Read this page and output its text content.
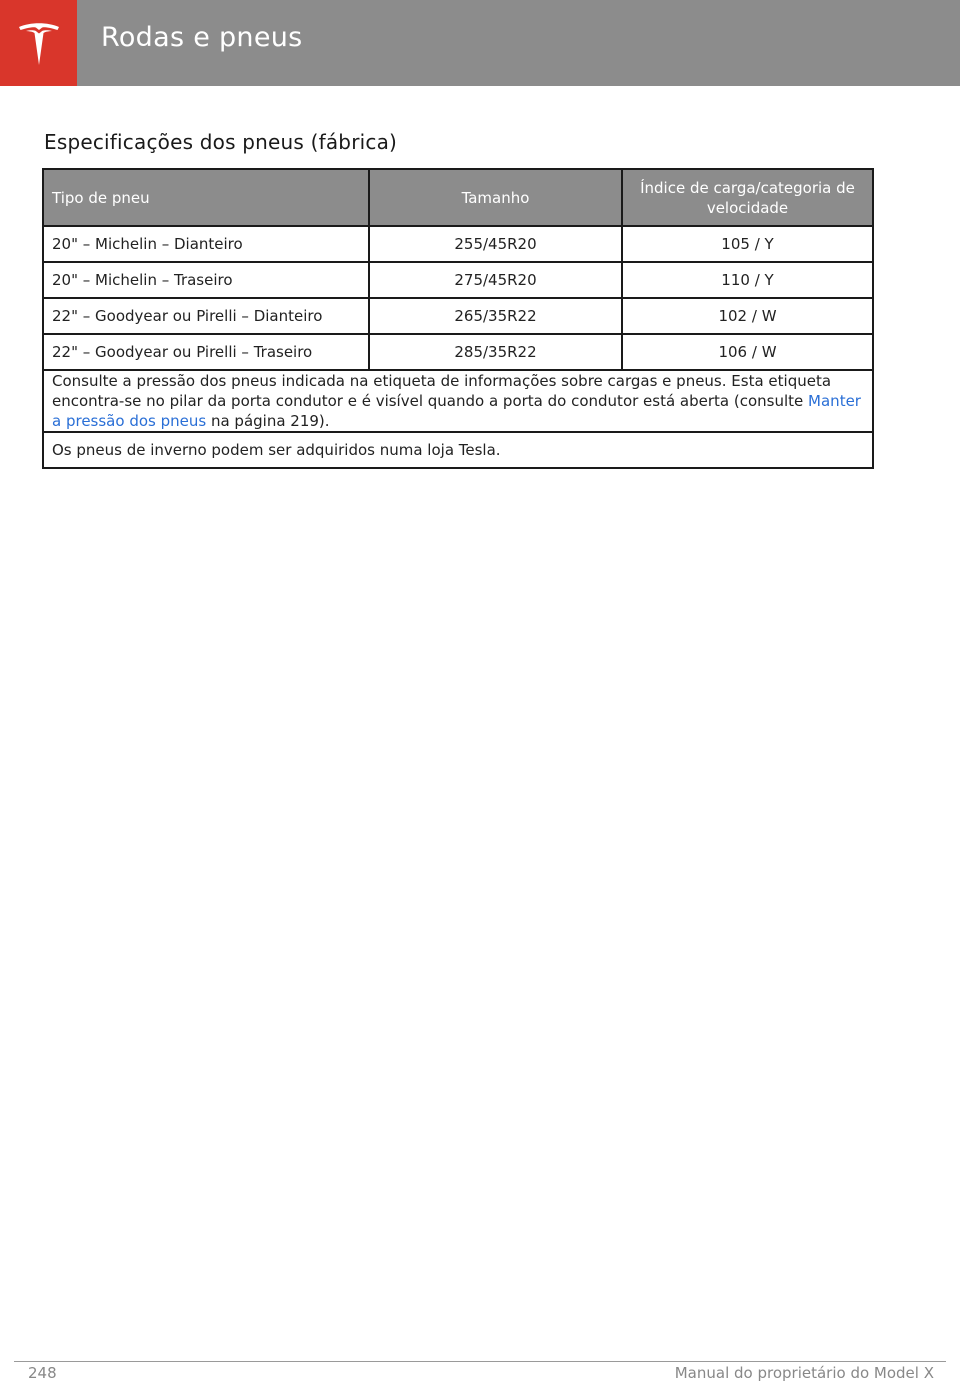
Rodas e pneus
Especificações dos pneus (fábrica)
Tipo de pneu	Tamanho	Índice de carga/categoria de velocidade
20" – Michelin – Dianteiro	255/45R20	105 / Y
20" – Michelin – Traseiro	275/45R20	110 / Y
22" – Goodyear ou Pirelli – Dianteiro	265/35R22	102 / W
22" – Goodyear ou Pirelli – Traseiro	285/35R22	106 / W
Consulte a pressão dos pneus indicada na etiqueta de informações sobre cargas e pneus. Esta etiqueta encontra-se no pilar da porta condutor e é visível quando a porta do condutor está aberta (consulte Manter a pressão dos pneus na página 219).		
Os pneus de inverno podem ser adquiridos numa loja Tesla.		
248	Manual do proprietário do Model X
